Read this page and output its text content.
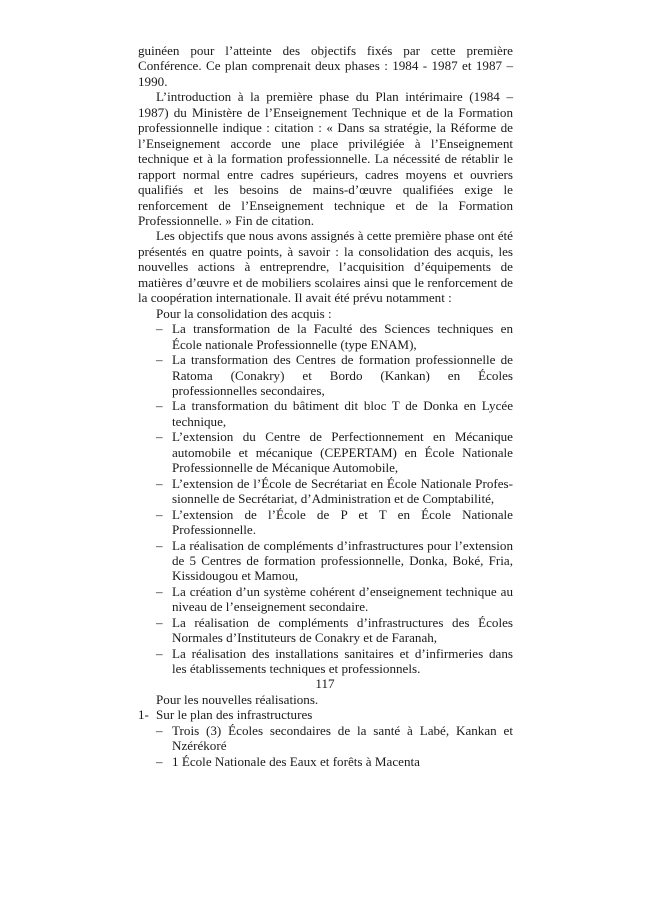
guinéen pour l’atteinte des objectifs fixés par cette première Conférence. Ce plan comprenait deux phases : 1984 - 1987 et 1987 – 1990.

L’introduction à la première phase du Plan intérimaire (1984 – 1987) du Ministère de l’Enseignement Technique et de la Formation professionnelle indique : citation : « Dans sa stratégie, la Réforme de l’Enseignement accorde une place privilégiée à l’Enseignement technique et à la formation professionnelle. La nécessité de rétablir le rapport normal entre cadres supérieurs, cadres moyens et ouvriers qualifiés et les besoins de mains-d’œuvre qualifiées exige le renforcement de l’Enseignement technique et de la Formation Professionnelle. » Fin de citation.

Les objectifs que nous avons assignés à cette première phase ont été présentés en quatre points, à savoir : la consolidation des acquis, les nouvelles actions à entreprendre, l’acquisition d’équipements de matières d’œuvre et de mobiliers scolaires ainsi que le renforcement de la coopération internationale. Il avait été prévu notamment :

Pour la consolidation des acquis :

– La transformation de la Faculté des Sciences techniques en École nationale Professionnelle (type ENAM),
– La transformation des Centres de formation professionnelle de Ratoma (Conakry) et Bordo (Kankan) en Écoles professionnelles secondaires,
– La transformation du bâtiment dit bloc T de Donka en Lycée technique,
– L’extension du Centre de Perfectionnement en Mécanique automobile et mécanique (CEPERTAM) en École Nationale Professionnelle de Mécanique Automobile,
– L’extension de l’École de Secrétariat en École Nationale Profes-sionnelle de Secrétariat, d’Administration et de Comptabilité,
– L’extension de l’École de P et T en École Nationale Professionnelle.
– La réalisation de compléments d’infrastructures pour l’extension de 5 Centres de formation professionnelle, Donka, Boké, Fria, Kissidougou et Mamou,
– La création d’un système cohérent d’enseignement technique au niveau de l’enseignement secondaire.
– La réalisation de compléments d’infrastructures des Écoles Normales d’Instituteurs de Conakry et de Faranah,
– La réalisation des installations sanitaires et d’infirmeries dans les établissements techniques et professionnels.

Pour les nouvelles réalisations.

1- Sur le plan des infrastructures

– Trois (3) Écoles secondaires de la santé à Labé, Kankan et Nzérékoré
– 1 École Nationale des Eaux et forêts à Macenta
117
